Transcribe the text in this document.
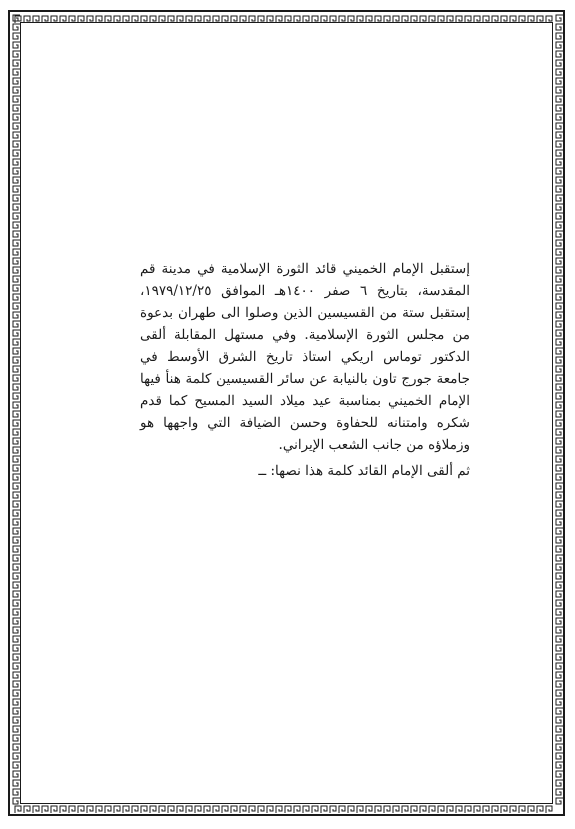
إستقبل الإمام الخميني قائد الثورة الإسلامية في مدينة قم المقدسة، بتاريخ ٦ صفر ١٤٠٠هـ الموافق ١٩٧٩/١٢/٢٥، إستقبل ستة من القسيسين الذين وصلوا الى طهران بدعوة من مجلس الثورة الإسلامية. وفي مستهل المقابلة ألقى الدكتور توماس اريكي استاذ تاريخ الشرق الأوسط في جامعة جورج تاون بالنيابة عن سائر القسيسين كلمة هنأ فيها الإمام الخميني بمناسبة عيد ميلاد السيد المسيح كما قدم شكره وامتنانه للحفاوة وحسن الضيافة التي واجهها هو وزملاؤه من جانب الشعب الإيراني.

ثم ألقى الإمام القائد كلمة هذا نصها: ــ
